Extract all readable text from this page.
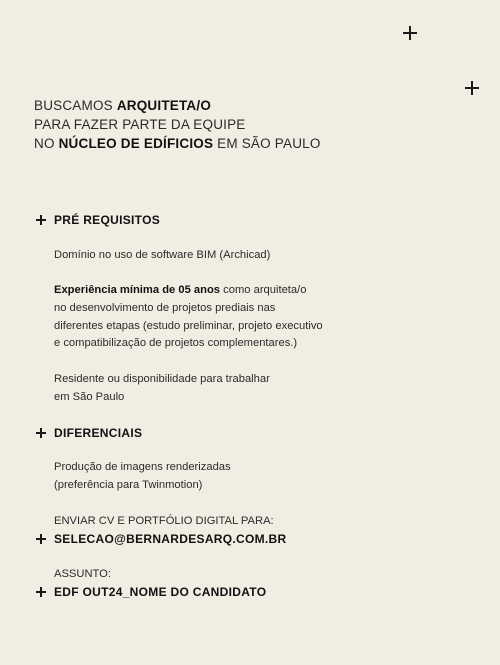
BUSCAMOS ARQUITETA/O
PARA FAZER PARTE DA EQUIPE
NO NÚCLEO DE EDÍFICIOS EM SÃO PAULO
PRÉ REQUISITOS
Domínio no uso de software BIM (Archicad)
Experiência mínima de 05 anos como arquiteta/o
no desenvolvimento de projetos prediais nas
diferentes etapas (estudo preliminar, projeto executivo
e compatibilização de projetos complementares.)
Residente ou disponibilidade para trabalhar
em São Paulo
DIFERENCIAIS
Produção de imagens renderizadas
(preferência para Twinmotion)
ENVIAR CV E PORTFÓLIO DIGITAL PARA:
SELECAO@BERNARDESARQ.COM.BR
ASSUNTO:
EDF OUT24_NOME DO CANDIDATO
